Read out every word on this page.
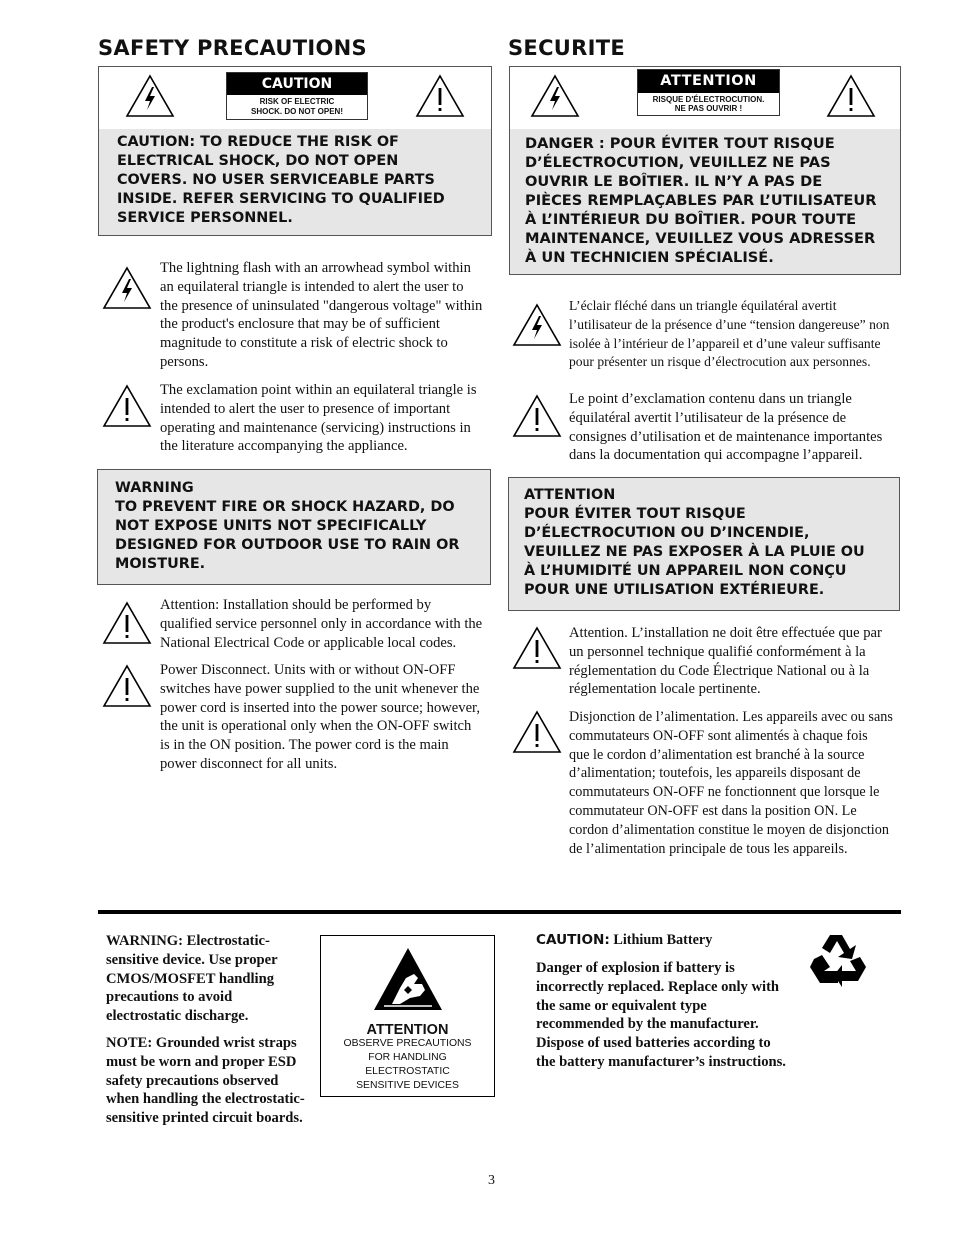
SAFETY PRECAUTIONS
CAUTION
RISK OF ELECTRIC
SHOCK. DO NOT OPEN!
CAUTION: TO REDUCE THE RISK OF
ELECTRICAL SHOCK, DO NOT OPEN
COVERS. NO USER SERVICEABLE PARTS
INSIDE. REFER SERVICING TO QUALIFIED
SERVICE PERSONNEL.
The lightning flash with an arrowhead symbol within
an equilateral triangle is intended to alert the user to
the presence of uninsulated "dangerous voltage" within
the product's enclosure that may be of sufficient
magnitude to constitute a risk of electric shock to
persons.
The exclamation point within an equilateral triangle is
intended to alert the user to presence of important
operating and maintenance (servicing) instructions in
the literature accompanying the appliance.
WARNING
TO PREVENT FIRE OR SHOCK HAZARD, DO
NOT EXPOSE UNITS NOT SPECIFICALLY
DESIGNED FOR OUTDOOR USE TO RAIN OR
MOISTURE.
Attention: Installation should be performed by
qualified service personnel only in accordance with the
National Electrical Code or applicable local codes.
Power Disconnect. Units with or without ON-OFF
switches have power supplied to the unit whenever the
power cord is inserted into the power source; however,
the unit is operational only when the ON-OFF switch
is in the ON position. The power cord is the main
power disconnect for all units.
SECURITE
ATTENTION
RISQUE D'ÉLECTROCUTION.
NE PAS OUVRIR !
DANGER : POUR ÉVITER TOUT RISQUE
D’ÉLECTROCUTION, VEUILLEZ NE PAS
OUVRIR LE BOÎTIER. IL N’Y A PAS DE
PIÈCES REMPLAÇABLES PAR L’UTILISATEUR
À L’INTÉRIEUR DU BOÎTIER. POUR TOUTE
MAINTENANCE, VEUILLEZ VOUS ADRESSER
À UN TECHNICIEN SPÉCIALISÉ.
L’éclair fléché dans un triangle équilatéral avertit
l’utilisateur de la présence d’une “tension dangereuse” non
isolée à l’intérieur de l’appareil et d’une valeur suffisante
pour présenter un risque d’électrocution aux personnes.
Le point d’exclamation contenu dans un triangle
équilatéral avertit l’utilisateur de la présence de
consignes d’utilisation et de maintenance importantes
dans la documentation qui accompagne l’appareil.
ATTENTION
POUR ÉVITER TOUT RISQUE
D’ÉLECTROCUTION OU D’INCENDIE,
VEUILLEZ NE PAS EXPOSER À LA PLUIE OU
À L’HUMIDITÉ UN APPAREIL NON CONÇU
POUR UNE UTILISATION EXTÉRIEURE.
Attention. L’installation ne doit être effectuée que par
un personnel technique qualifié conformément à la
réglementation du Code Électrique National ou à la
réglementation locale pertinente.
Disjonction de l’alimentation. Les appareils avec ou sans
commutateurs ON-OFF sont alimentés à chaque fois
que le cordon d’alimentation est branché à la source
d’alimentation; toutefois, les appareils disposant de
commutateurs ON-OFF ne fonctionnent que lorsque le
commutateur ON-OFF est dans la position ON. Le
cordon d’alimentation constitue le moyen de disjonction
de l’alimentation principale de tous les appareils.
WARNING: Electrostatic-
sensitive device. Use proper
CMOS/MOSFET handling
precautions to avoid
electrostatic discharge.
NOTE: Grounded wrist straps
must be worn and proper ESD
safety precautions observed
when handling the electrostatic-
sensitive printed circuit boards.
ATTENTION
OBSERVE PRECAUTIONS
FOR HANDLING
ELECTROSTATIC
SENSITIVE DEVICES
CAUTION: Lithium Battery
Danger of explosion if battery is
incorrectly replaced. Replace only with
the same or equivalent type
recommended by the manufacturer.
Dispose of used batteries according to
the battery manufacturer’s instructions.
3
